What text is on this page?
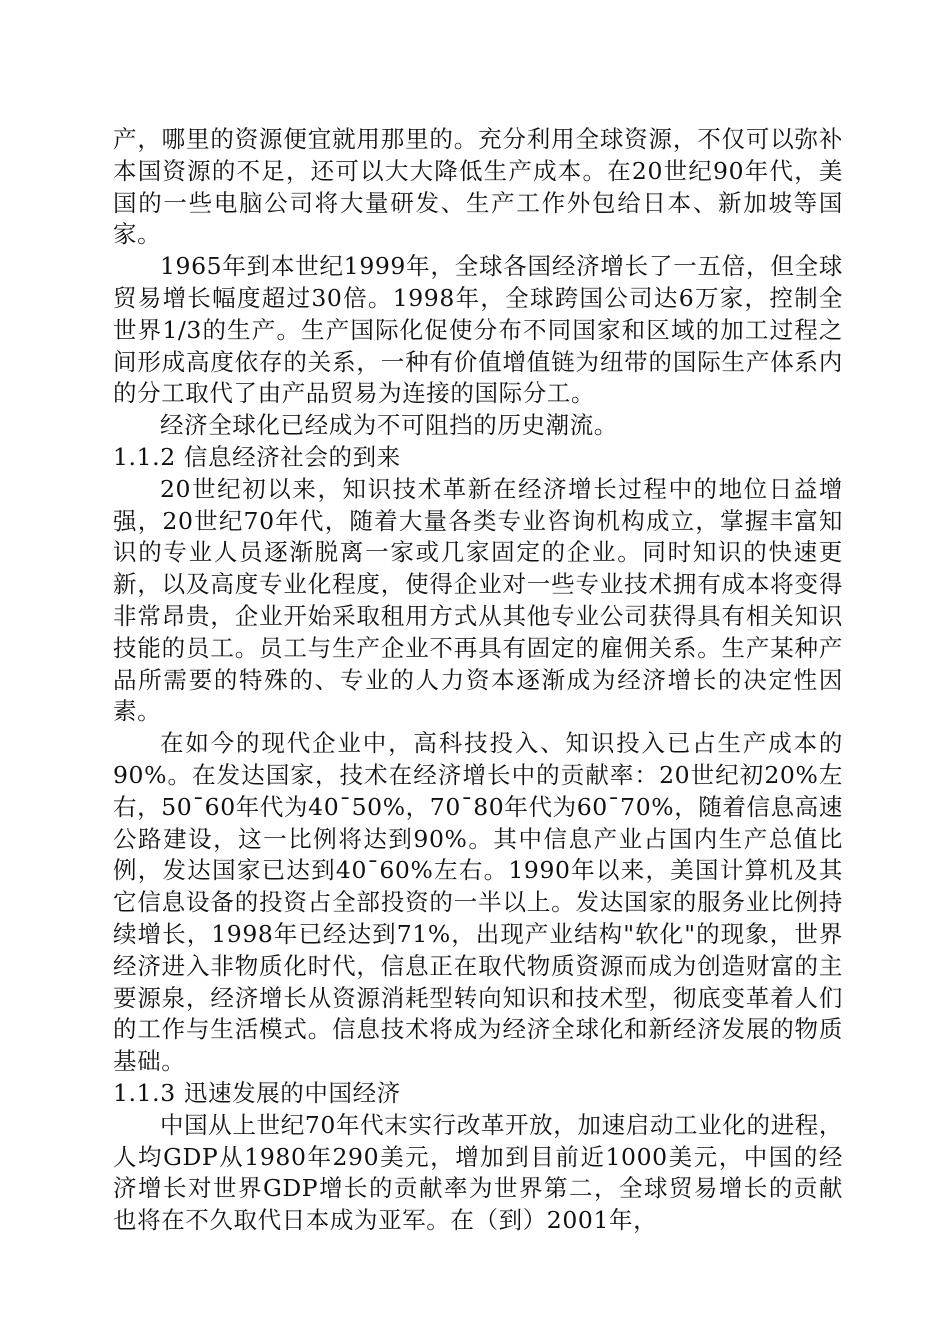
产，哪里的资源便宜就用那里的。充分利用全球资源，不仅可以弥补本国资源的不足，还可以大大降低生产成本。在20世纪90年代，美国的一些电脑公司将大量研发、生产工作外包给日本、新加坡等国家。

1965年到本世纪1999年，全球各国经济增长了一五倍，但全球贸易增长幅度超过30倍。1998年，全球跨国公司达6万家，控制全世界1/3的生产。生产国际化促使分布不同国家和区域的加工过程之间形成高度依存的关系，一种有价值增值链为纽带的国际生产体系内的分工取代了由产品贸易为连接的国际分工。

经济全球化已经成为不可阻挡的历史潮流。

1.1.2 信息经济社会的到来

20世纪初以来，知识技术革新在经济增长过程中的地位日益增强，20世纪70年代，随着大量各类专业咨询机构成立，掌握丰富知识的专业人员逐渐脱离一家或几家固定的企业。同时知识的快速更新，以及高度专业化程度，使得企业对一些专业技术拥有成本将变得非常昂贵，企业开始采取租用方式从其他专业公司获得具有相关知识技能的员工。员工与生产企业不再具有固定的雇佣关系。生产某种产品所需要的特殊的、专业的人力资本逐渐成为经济增长的决定性因素。

在如今的现代企业中，高科技投入、知识投入已占生产成本的90%。在发达国家，技术在经济增长中的贡献率：20世纪初20%左右，50¯60年代为40¯50%，70¯80年代为60¯70%，随着信息高速公路建设，这一比例将达到90%。其中信息产业占国内生产总值比例，发达国家已达到40¯60%左右。1990年以来，美国计算机及其它信息设备的投资占全部投资的一半以上。发达国家的服务业比例持续增长，1998年已经达到71%，出现产业结构"软化"的现象，世界经济进入非物质化时代，信息正在取代物质资源而成为创造财富的主要源泉，经济增长从资源消耗型转向知识和技术型，彻底变革着人们的工作与生活模式。信息技术将成为经济全球化和新经济发展的物质基础。

1.1.3 迅速发展的中国经济

中国从上世纪70年代末实行改革开放，加速启动工业化的进程，人均GDP从1980年290美元，增加到目前近1000美元，中国的经济增长对世界GDP增长的贡献率为世界第二，全球贸易增长的贡献也将在不久取代日本成为亚军。在（到）2001年，
